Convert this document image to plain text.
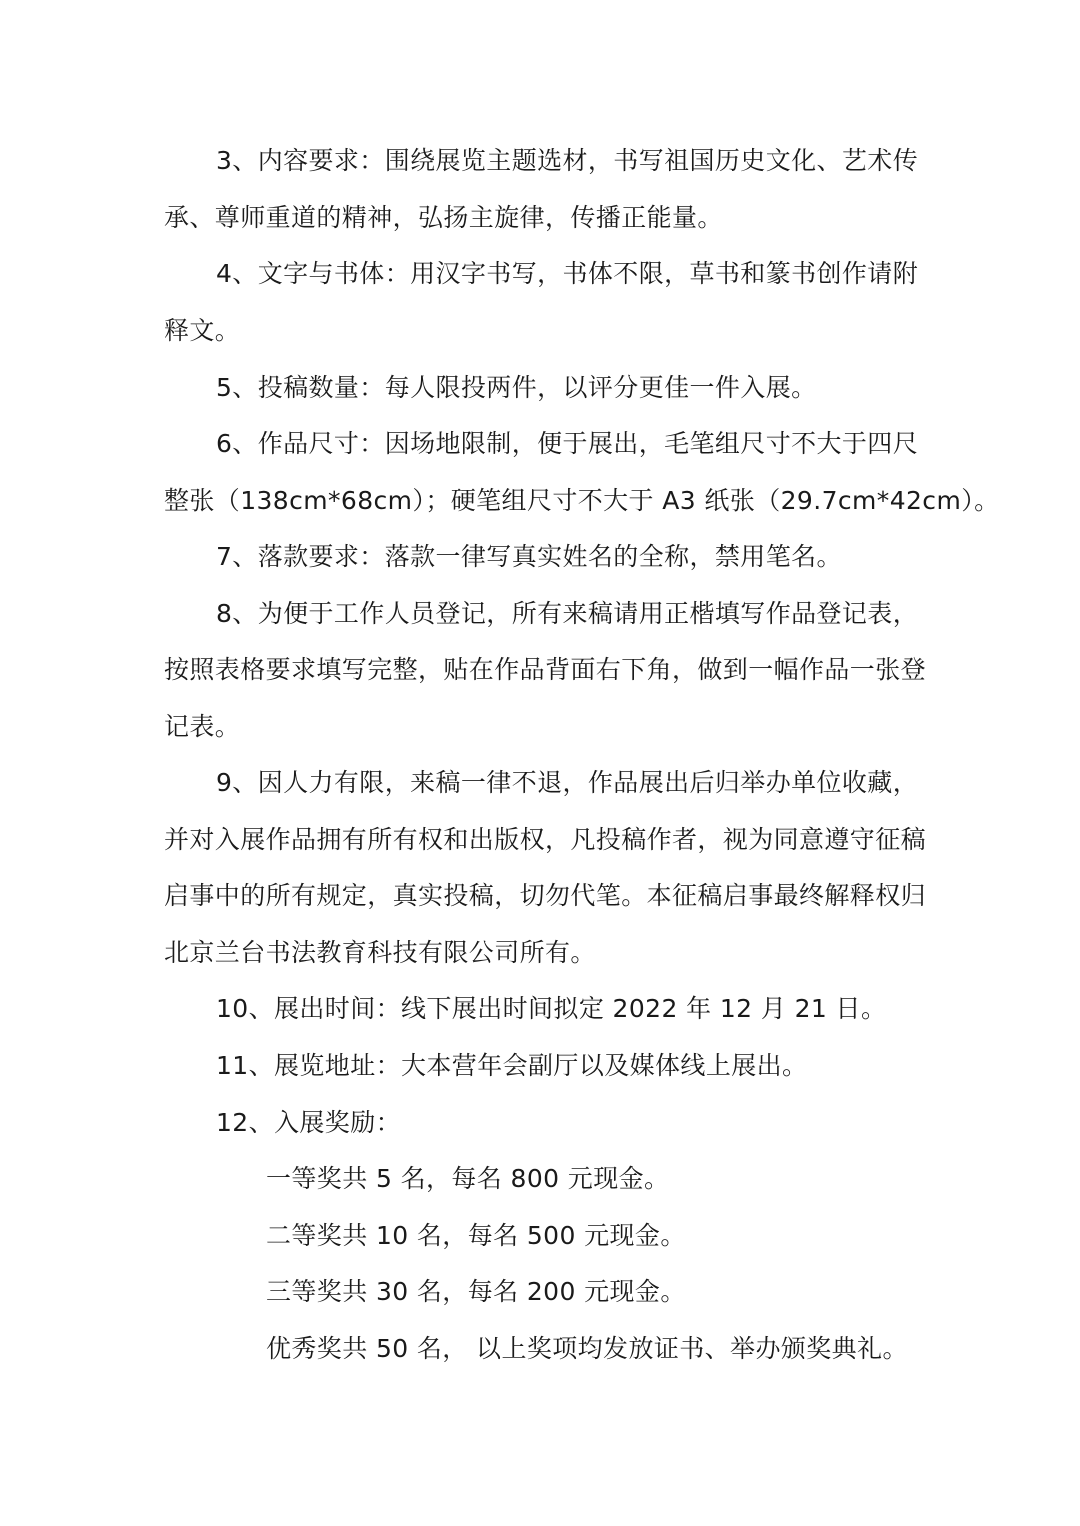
3、内容要求：围绕展览主题选材，书写祖国历史文化、艺术传
承、尊师重道的精神，弘扬主旋律，传播正能量。
4、文字与书体：用汉字书写，书体不限，草书和篆书创作请附
释文。
5、投稿数量：每人限投两件，以评分更佳一件入展。
6、作品尺寸：因场地限制，便于展出，毛笔组尺寸不大于四尺
整张（138cm*68cm）；硬笔组尺寸不大于 A3 纸张（29.7cm*42cm）。
7、落款要求：落款一律写真实姓名的全称，禁用笔名。
8、为便于工作人员登记，所有来稿请用正楷填写作品登记表，
按照表格要求填写完整，贴在作品背面右下角，做到一幅作品一张登
记表。
9、因人力有限，来稿一律不退，作品展出后归举办单位收藏，
并对入展作品拥有所有权和出版权，凡投稿作者，视为同意遵守征稿
启事中的所有规定，真实投稿，切勿代笔。本征稿启事最终解释权归
北京兰台书法教育科技有限公司所有。
10、展出时间：线下展出时间拟定 2022 年 12 月 21 日。
11、展览地址：大本营年会副厅以及媒体线上展出。
12、入展奖励：
一等奖共 5 名，每名 800 元现金。
二等奖共 10 名，每名 500 元现金。
三等奖共 30 名，每名 200 元现金。
优秀奖共 50 名， 以上奖项均发放证书、举办颁奖典礼。
